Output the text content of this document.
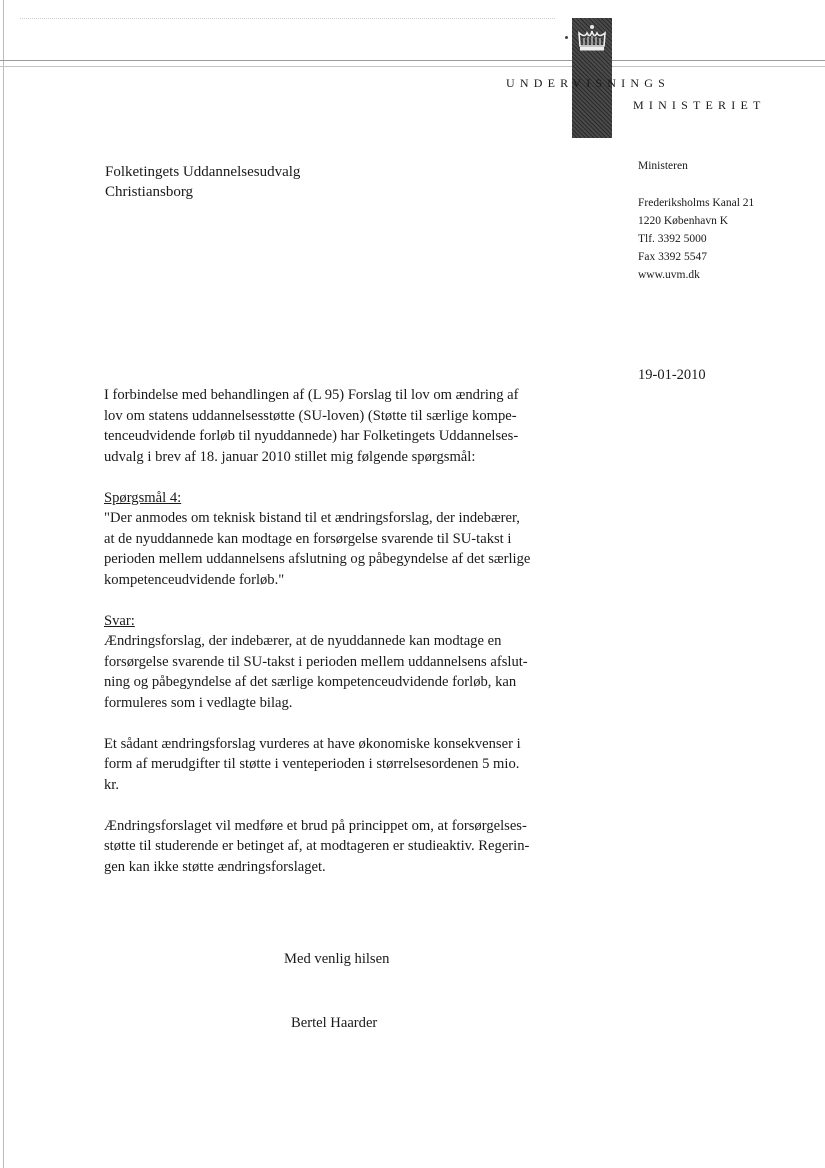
UNDERVISNINGS
MINISTERIET
Folketingets Uddannelsesudvalg
Christiansborg
Ministeren
Frederiksholms Kanal 21
1220 København K
Tlf. 3392 5000
Fax 3392 5547
www.uvm.dk
19-01-2010
I forbindelse med behandlingen af (L 95) Forslag til lov om ændring af
lov om statens uddannelsesstøtte (SU-loven) (Støtte til særlige kompe-
tenceudvidende forløb til nyuddannede) har Folketingets Uddannelses-
udvalg i brev af 18. januar 2010 stillet mig følgende spørgsmål:
Spørgsmål 4:
"Der anmodes om teknisk bistand til et ændringsforslag, der indebærer,
at de nyuddannede kan modtage en forsørgelse svarende til SU-takst i
perioden mellem uddannelsens afslutning og påbegyndelse af det særlige
kompetenceudvidende forløb."
Svar:
Ændringsforslag, der indebærer, at de nyuddannede kan modtage en
forsørgelse svarende til SU-takst i perioden mellem uddannelsens afslut-
ning og påbegyndelse af det særlige kompetenceudvidende forløb, kan
formuleres som i vedlagte bilag.
Et sådant ændringsforslag vurderes at have økonomiske konsekvenser i
form af merudgifter til støtte i venteperioden i størrelsesordenen 5 mio.
kr.
Ændringsforslaget vil medføre et brud på princippet om, at forsørgelses-
støtte til studerende er betinget af, at modtageren er studieaktiv. Regerin-
gen kan ikke støtte ændringsforslaget.
Med venlig hilsen
Bertel Haarder
